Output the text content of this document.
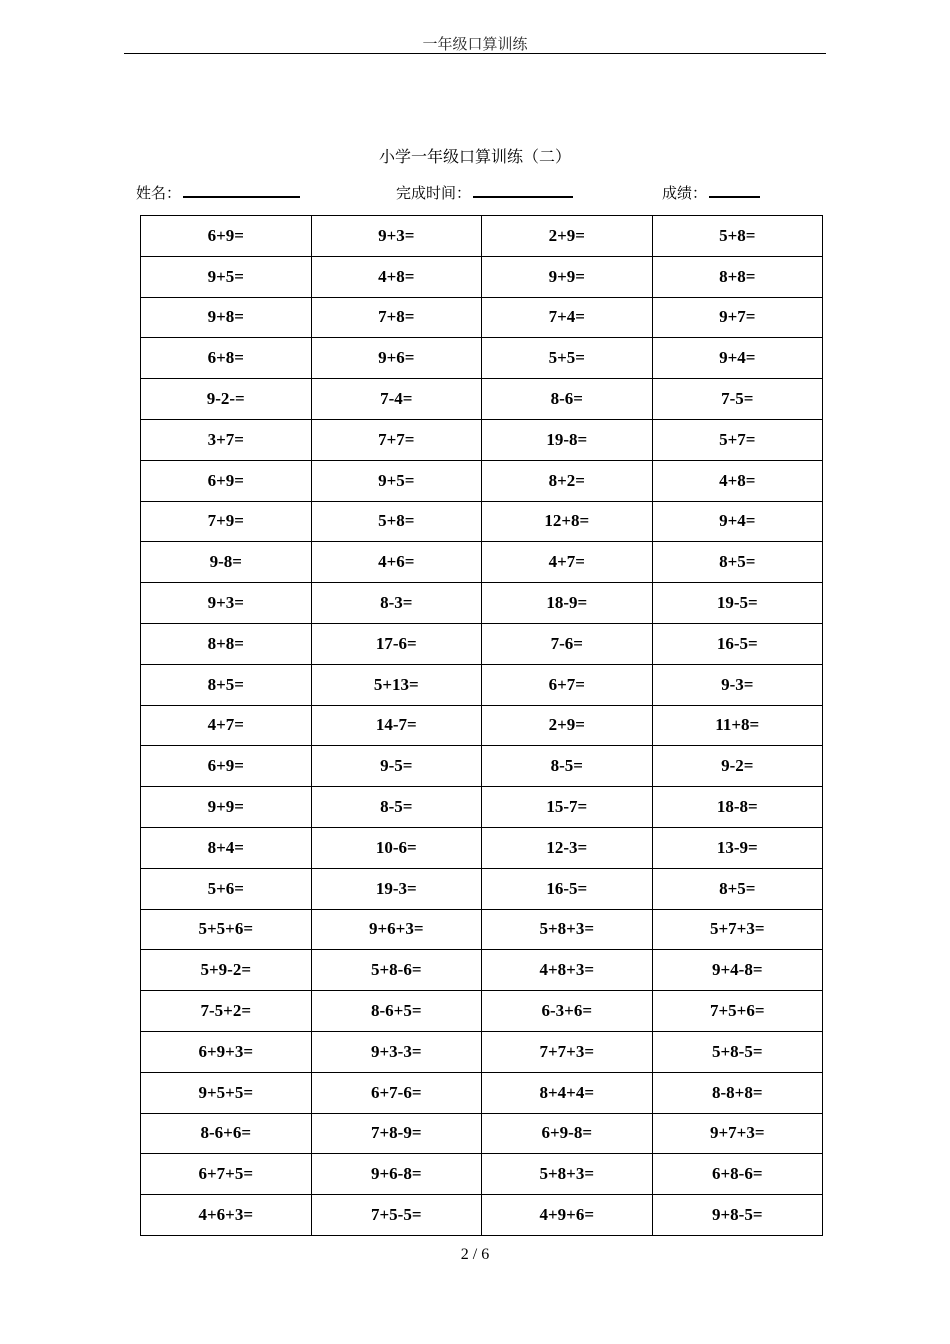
一年级口算训练
小学一年级口算训练（二）
姓名：	完成时间：	成绩：
6+9=	9+3=	2+9=	5+8=
9+5=	4+8=	9+9=	8+8=
9+8=	7+8=	7+4=	9+7=
6+8=	9+6=	5+5=	9+4=
9-2-=	7-4=	8-6=	7-5=
3+7=	7+7=	19-8=	5+7=
6+9=	9+5=	8+2=	4+8=
7+9=	5+8=	12+8=	9+4=
9-8=	4+6=	4+7=	8+5=
9+3=	8-3=	18-9=	19-5=
8+8=	17-6=	7-6=	16-5=
8+5=	5+13=	6+7=	9-3=
4+7=	14-7=	2+9=	11+8=
6+9=	9-5=	8-5=	9-2=
9+9=	8-5=	15-7=	18-8=
8+4=	10-6=	12-3=	13-9=
5+6=	19-3=	16-5=	8+5=
5+5+6=	9+6+3=	5+8+3=	5+7+3=
5+9-2=	5+8-6=	4+8+3=	9+4-8=
7-5+2=	8-6+5=	6-3+6=	7+5+6=
6+9+3=	9+3-3=	7+7+3=	5+8-5=
9+5+5=	6+7-6=	8+4+4=	8-8+8=
8-6+6=	7+8-9=	6+9-8=	9+7+3=
6+7+5=	9+6-8=	5+8+3=	6+8-6=
4+6+3=	7+5-5=	4+9+6=	9+8-5=
2 / 6
